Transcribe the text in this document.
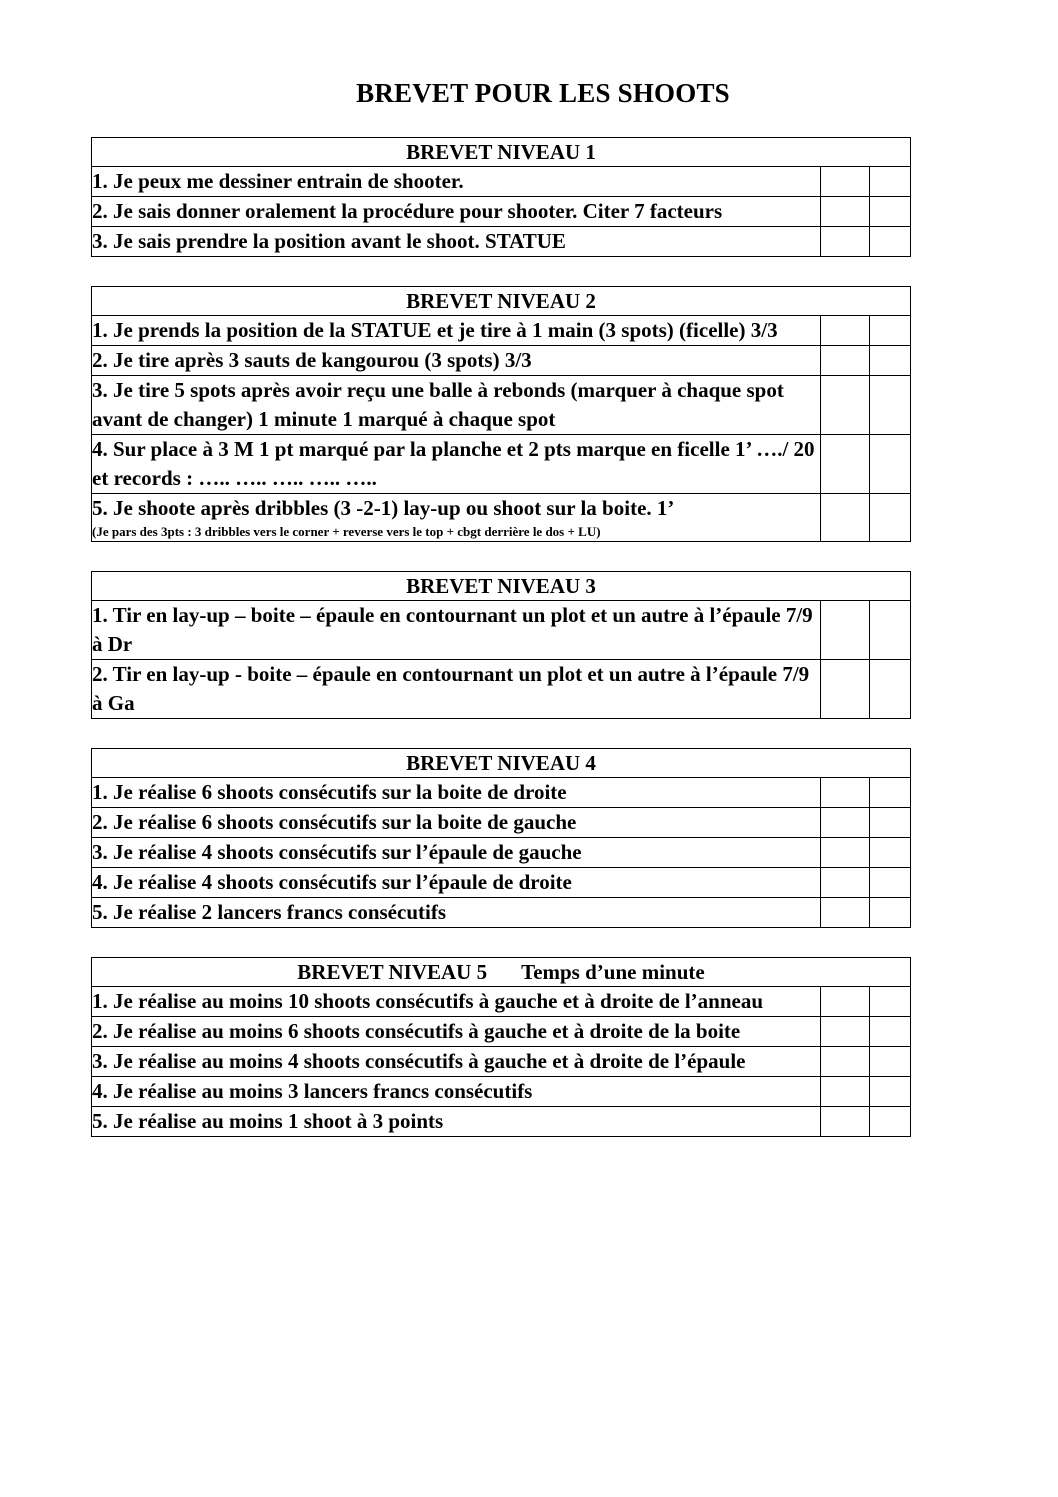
BREVET POUR LES SHOOTS
BREVET NIVEAU 1		
1. Je peux me dessiner entrain de shooter.		
2. Je sais donner oralement la procédure pour shooter. Citer 7 facteurs		
3. Je sais prendre la position avant le shoot. STATUE		
BREVET NIVEAU 2		
1. Je prends la position de la STATUE et je tire à 1 main (3 spots) (ficelle) 3/3		
2. Je tire après 3 sauts de kangourou (3 spots) 3/3		
3. Je tire 5 spots après avoir reçu une balle à rebonds (marquer à chaque spot avant de changer) 1 minute 1 marqué à chaque spot		
4. Sur place à 3 M 1 pt marqué par la planche et 2 pts marque en ficelle 1’ …./ 20 et records : ….. ….. ….. ….. …..		
5. Je shoote après dribbles (3 -2-1) lay-up ou shoot sur la boite. 1’
(Je pars des 3pts : 3 dribbles vers le corner + reverse vers le top + cbgt derrière le dos + LU)		

BREVET NIVEAU 3		
1. Tir en lay-up – boite – épaule en contournant un plot et un autre à l’épaule 7/9 à Dr		
2. Tir en lay-up - boite – épaule en contournant un plot et un autre à l’épaule 7/9 à Ga		
BREVET NIVEAU 4		
1. Je réalise 6 shoots consécutifs sur la boite de droite		
2. Je réalise 6 shoots consécutifs sur la boite de gauche		
3. Je réalise 4 shoots consécutifs sur l’épaule de gauche		
4. Je réalise 4 shoots consécutifs sur l’épaule de droite		
5. Je réalise 2 lancers francs consécutifs		
BREVET NIVEAU 5 Temps d’une minute		
1. Je réalise au moins 10 shoots consécutifs à gauche et à droite de l’anneau		
2. Je réalise au moins 6 shoots consécutifs à gauche et à droite de la boite		
3. Je réalise au moins 4 shoots consécutifs à gauche et à droite de l’épaule		
4. Je réalise au moins 3 lancers francs consécutifs		
5. Je réalise au moins 1 shoot à 3 points		
